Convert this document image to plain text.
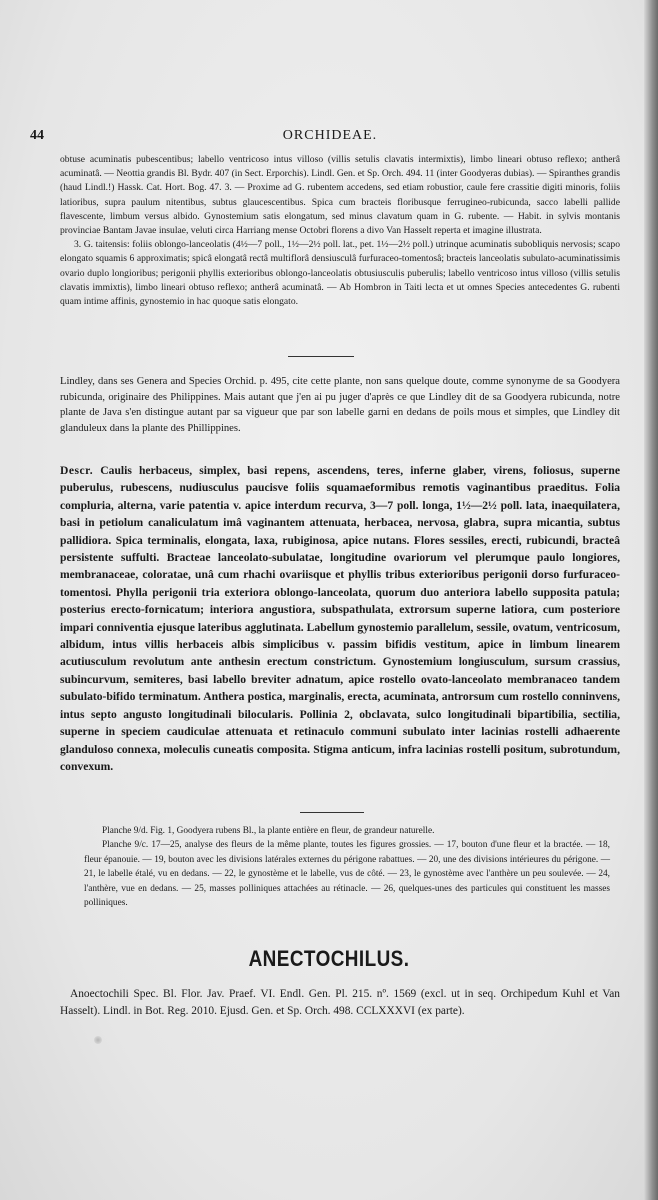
44	ORCHIDEAE.

obtuse acuminatis pubescentibus; labello ventricoso intus villoso (villis setulis clavatis intermixtis), limbo lineari obtuso reflexo; antherâ acuminatâ. — Neottia grandis Bl. Bydr. 407 (in Sect. Erporchis). Lindl. Gen. et Sp. Orch. 494. 11 (inter Goodyeras dubias). — Spiranthes grandis (haud Lindl.!) Hassk. Cat. Hort. Bog. 47. 3. — Proxime ad G. rubentem accedens, sed etiam robustior, caule fere crassitie digiti minoris, foliis latioribus, supra paulum nitentibus, subtus glaucescentibus. Spica cum bracteis floribusque ferrugineo-rubicunda, sacco labelli pallide flavescente, limbum versus albido. Gynostemium satis elongatum, sed minus clavatum quam in G. rubente. — Habit. in sylvis montanis provinciae Bantam Javae insulae, veluti circa Harriang mense Octobri florens a divo Van Hasselt reperta et imagine illustrata.

3. G. taitensis: foliis oblongo-lanceolatis (4½—7 poll., 1½—2½ poll. lat., pet. 1½—2½ poll.) utrinque acuminatis subobliquis nervosis; scapo elongato squamis 6 approximatis; spicâ elongatâ rectâ multiflorâ densiusculâ furfuraceo-tomentosâ; bracteis lanceolatis subulato-acuminatissimis ovario duplo longioribus; perigonii phyllis exterioribus oblongo-lanceolatis obtusiusculis puberulis; labello ventricoso intus villoso (villis setulis clavatis immixtis), limbo lineari obtuso reflexo; antherâ acuminatâ. — Ab Hombron in Taiti lecta et ut omnes Species antecedentes G. rubenti quam intime affinis, gynostemio in hac quoque satis elongato.

Lindley, dans ses Genera and Species Orchid. p. 495, cite cette plante, non sans quelque doute, comme synonyme de sa Goodyera rubicunda, originaire des Philippines. Mais autant que j'en ai pu juger d'après ce que Lindley dit de sa Goodyera rubicunda, notre plante de Java s'en distingue autant par sa vigueur que par son labelle garni en dedans de poils mous et simples, que Lindley dit glanduleux dans la plante des Phillippines.

Descr. Caulis herbaceus, simplex, basi repens, ascendens, teres, inferne glaber, virens, foliosus, superne puberulus, rubescens, nudiusculus paucisve foliis squamaeformibus remotis vaginantibus praeditus. Folia compluria, alterna, varie patentia v. apice interdum recurva, 3—7 poll. longa, 1½—2½ poll. lata, inaequilatera, basi in petiolum canaliculatum imâ vaginantem attenuata, herbacea, nervosa, glabra, supra micantia, subtus pallidiora. Spica terminalis, elongata, laxa, rubiginosa, apice nutans. Flores sessiles, erecti, rubicundi, bracteâ persistente suffulti. Bracteae lanceolato-subulatae, longitudine ovariorum vel plerumque paulo longiores, membranaceae, coloratae, unâ cum rhachi ovariisque et phyllis tribus exterioribus perigonii dorso furfuraceo-tomentosi. Phylla perigonii tria exteriora oblongo-lanceolata, quorum duo anteriora labello supposita patula; posterius erecto-fornicatum; interiora angustiora, subspathulata, extrorsum superne latiora, cum posteriore impari conniventia ejusque lateribus agglutinata. Labellum gynostemio parallelum, sessile, ovatum, ventricosum, albidum, intus villis herbaceis albis simplicibus v. passim bifidis vestitum, apice in limbum linearem acutiusculum revolutum ante anthesin erectum constrictum. Gynostemium longiusculum, sursum crassius, subincurvum, semiteres, basi labello breviter adnatum, apice rostello ovato-lanceolato membranaceo tandem subulato-bifido terminatum. Anthera postica, marginalis, erecta, acuminata, antrorsum cum rostello conninvens, intus septo angusto longitudinali bilocularis. Pollinia 2, obclavata, sulco longitudinali bipartibilia, sectilia, superne in speciem caudiculae attenuata et retinaculo communi subulato inter lacinias rostelli adhaerente glanduloso connexa, moleculis cuneatis composita. Stigma anticum, infra lacinias rostelli positum, subrotundum, convexum.

Planche 9/d. Fig. 1, Goodyera rubens Bl., la plante entière en fleur, de grandeur naturelle.

Planche 9/c. 17—25, analyse des fleurs de la même plante, toutes les figures grossies. — 17, bouton d'une fleur et la bractée. — 18, fleur épanouie. — 19, bouton avec les divisions latérales externes du périgone rabattues. — 20, une des divisions intérieures du périgone. — 21, le labelle étalé, vu en dedans. — 22, le gynostème et le labelle, vus de côté. — 23, le gynostème avec l'anthère un peu soulevée. — 24, l'anthère, vue en dedans. — 25, masses polliniques attachées au rétinacle. — 26, quelques-unes des particules qui constituent les masses polliniques.

ANECTOCHILUS.

Anoectochili Spec. Bl. Flor. Jav. Praef. VI. Endl. Gen. Pl. 215. nº. 1569 (excl. ut in seq. Orchipedum Kuhl et Van Hasselt). Lindl. in Bot. Reg. 2010. Ejusd. Gen. et Sp. Orch. 498. CCLXXXVI (ex parte).
